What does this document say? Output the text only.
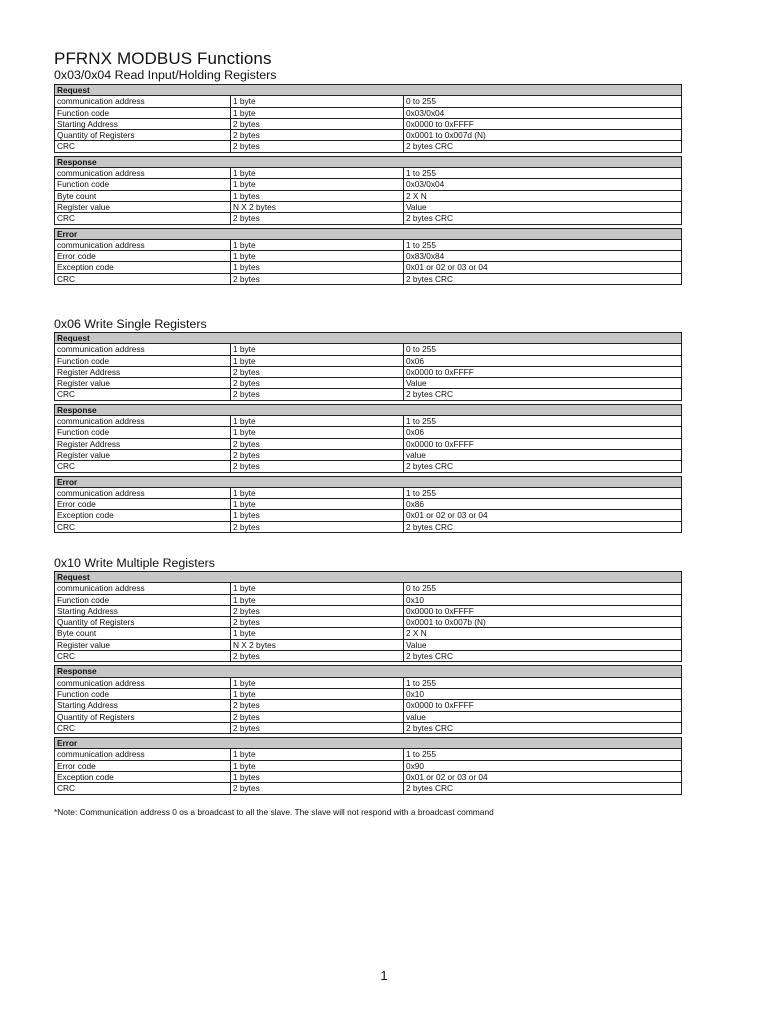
PFRNX MODBUS Functions
0x03/0x04 Read Input/Holding Registers
Request		
communication address	1 byte	0 to 255
Function code	1 byte	0x03/0x04
Starting Address	2 bytes	0x0000 to 0xFFFF
Quantity of Registers	2 bytes	0x0001 to 0x007d (N)
CRC	2 bytes	2 bytes CRC

Response		
communication address	1 byte	1 to 255
Function code	1 byte	0x03/0x04
Byte count	1 bytes	2 X N
Register value	N X 2 bytes	Value
CRC	2 bytes	2 bytes CRC

Error		
communication address	1 byte	1 to 255
Error code	1 byte	0x83/0x84
Exception code	1 bytes	0x01 or 02 or 03 or 04
CRC	2 bytes	2 bytes CRC
0x06 Write Single Registers
Request		
communication address	1 byte	0 to 255
Function code	1 byte	0x06
Register Address	2 bytes	0x0000 to 0xFFFF
Register value	2 bytes	Value
CRC	2 bytes	2 bytes CRC

Response		
communication address	1 byte	1 to 255
Function code	1 byte	0x06
Register Address	2 bytes	0x0000 to 0xFFFF
Register value	2 bytes	value
CRC	2 bytes	2 bytes CRC

Error		
communication address	1 byte	1 to 255
Error code	1 byte	0x86
Exception code	1 bytes	0x01 or 02 or 03 or 04
CRC	2 bytes	2 bytes CRC
0x10 Write Multiple Registers
Request		
communication address	1 byte	0 to 255
Function code	1 byte	0x10
Starting Address	2 bytes	0x0000 to 0xFFFF
Quantity of Registers	2 bytes	0x0001 to 0x007b (N)
Byte count	1 byte	2 X N
Register value	N X 2 bytes	Value
CRC	2 bytes	2 bytes CRC

Response		
communication address	1 byte	1 to 255
Function code	1 byte	0x10
Starting Address	2 bytes	0x0000 to 0xFFFF
Quantity of Registers	2 bytes	value
CRC	2 bytes	2 bytes CRC

Error		
communication address	1 byte	1 to 255
Error code	1 byte	0x90
Exception code	1 bytes	0x01 or 02 or 03 or 04
CRC	2 bytes	2 bytes CRC
*Note: Communication address 0 os a broadcast to all the slave. The slave will not respond with a broadcast command
1
